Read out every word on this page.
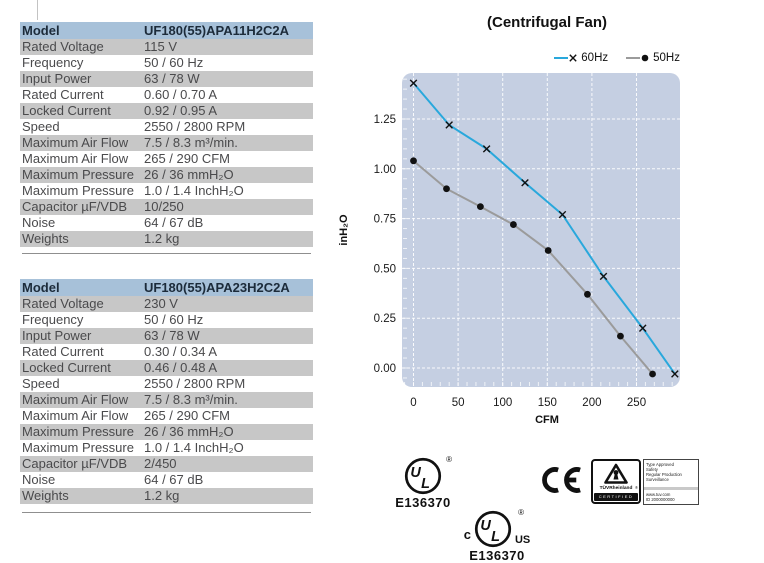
Model	UF180(55)APA11H2C2A
Rated Voltage	115 V
Frequency	50 / 60 Hz
Input Power	63 / 78 W
Rated Current	0.60 / 0.70 A
Locked Current	0.92 / 0.95 A
Speed	2550 / 2800 RPM
Maximum Air Flow	7.5 / 8.3 m³/min.
Maximum Air Flow	265 / 290 CFM
Maximum Pressure 26 / 36 mmH₂O
Maximum Pressure 1.0 / 1.4 InchH₂O
Capacitor µF/VDB	10/250
Noise	64 / 67 dB
Weights	1.2 kg
Model	UF180(55)APA23H2C2A
Rated Voltage	230 V
Frequency	50 / 60 Hz
Input Power	63 / 78 W
Rated Current	0.30 / 0.34 A
Locked Current	0.46 / 0.48 A
Speed	2550 / 2800 RPM
Maximum Air Flow	7.5 / 8.3 m³/min.
Maximum Air Flow	265 / 290 CFM
Maximum Pressure 26 / 36 mmH₂O
Maximum Pressure 1.0 / 1.4 InchH₂O
Capacitor µF/VDB	2/450
Noise	64 / 67 dB
Weights	1.2 kg
(Centrifugal Fan)
60Hz	50Hz
0	50 100 150 200 250
0.00
0.25
0.50
0.75
1.00
1.25
CFM
inH₂O
U
L
®
E136370
c
U
L US
®
E136370
®
TÜVRheinland
CERTIFIED
Type Approved
Safety
Regular Production
Surveillance
www.tuv.com
ID 2000000000
